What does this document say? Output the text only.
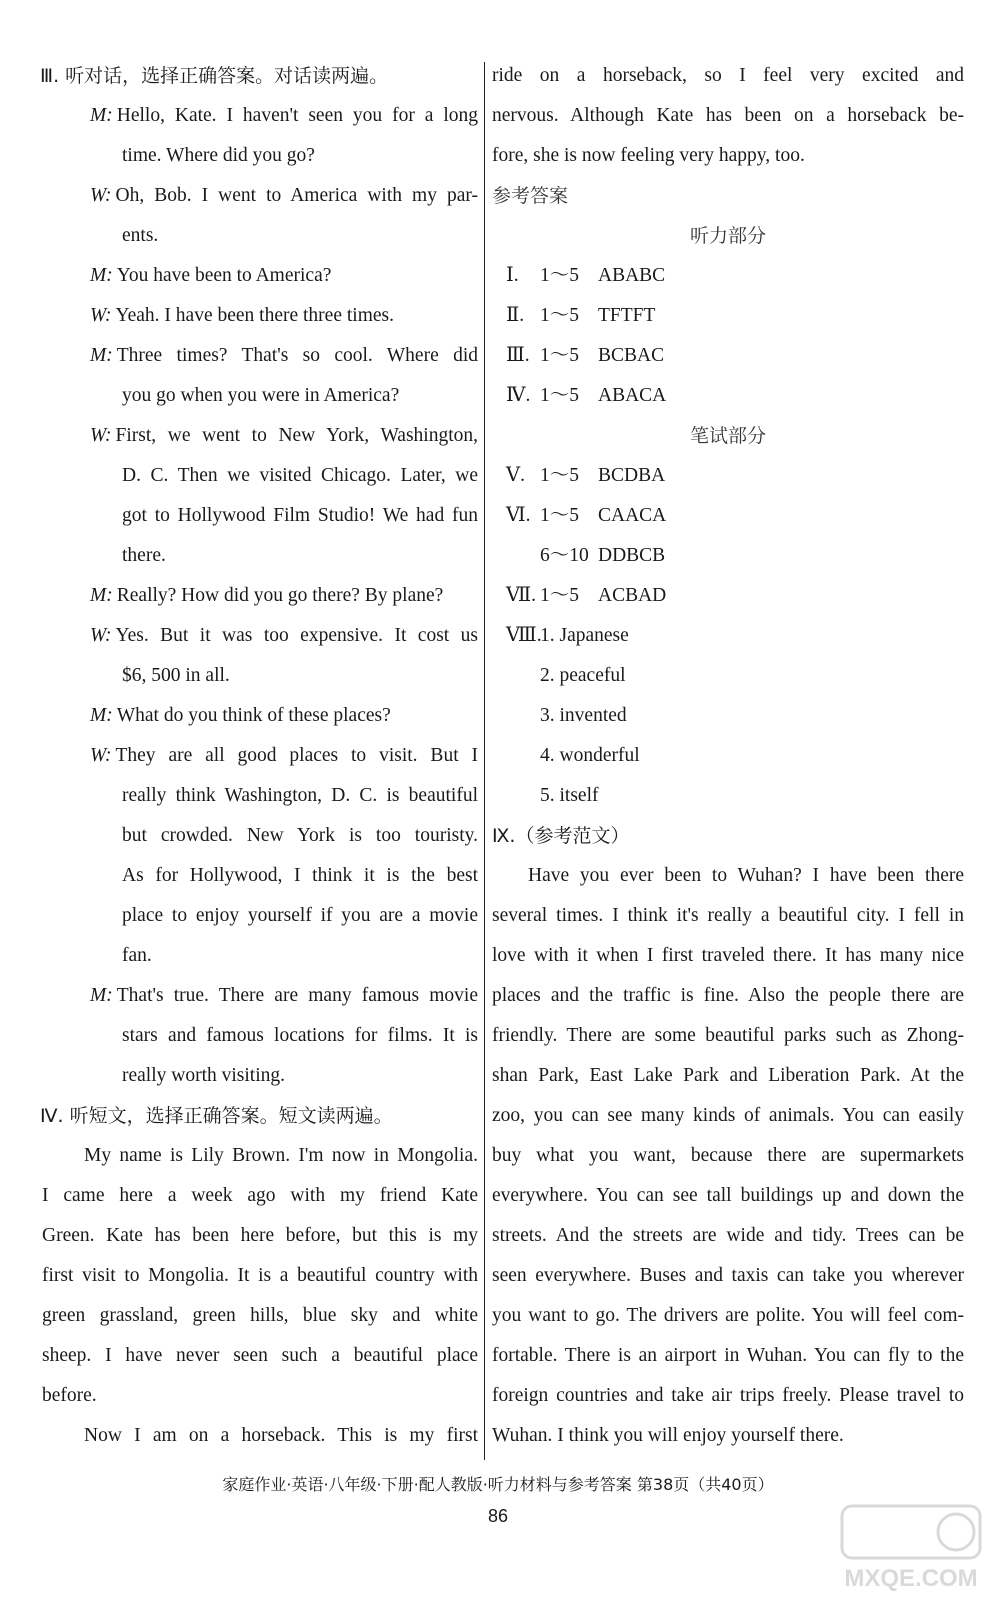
Ⅲ. 听对话，选择正确答案。对话读两遍。
M: Hello, Kate. I haven't seen you for a long
time. Where did you go?
W: Oh, Bob. I went to America with my par-
ents.
M: You have been to America?
W: Yeah. I have been there three times.
M: Three times? That's so cool. Where did
you go when you were in America?
W: First, we went to New York, Washington,
D. C. Then we visited Chicago. Later, we
got to Hollywood Film Studio! We had fun
there.
M: Really? How did you go there? By plane?
W: Yes. But it was too expensive. It cost us
$6, 500 in all.
M: What do you think of these places?
W: They are all good places to visit. But I
really think Washington, D. C. is beautiful
but crowded. New York is too touristy.
As for Hollywood, I think it is the best
place to enjoy yourself if you are a movie
fan.
M: That's true. There are many famous movie
stars and famous locations for films. It is
really worth visiting.
Ⅳ. 听短文，选择正确答案。短文读两遍。
My name is Lily Brown. I'm now in Mongolia.
I came here a week ago with my friend Kate
Green. Kate has been here before, but this is my
first visit to Mongolia. It is a beautiful country with
green grassland, green hills, blue sky and white
sheep. I have never seen such a beautiful place
before.
Now I am on a horseback. This is my first
ride on a horseback, so I feel very excited and
nervous. Although Kate has been on a horseback be-
fore, she is now feeling very happy, too.
参考答案
听力部分
Ⅰ. 1～5 ABABC
Ⅱ. 1～5 TFTFT
Ⅲ. 1～5 BCBAC
Ⅳ. 1～5 ABACA
笔试部分
Ⅴ. 1～5 BCDBA
Ⅵ. 1～5 CAACA
6～10 DDBCB
Ⅶ. 1～5 ACBAD
Ⅷ.1. Japanese
2. peaceful
3. invented
4. wonderful
5. itself
Ⅸ.（参考范文）
Have you ever been to Wuhan? I have been there
several times. I think it's really a beautiful city. I fell in
love with it when I first traveled there. It has many nice
places and the traffic is fine. Also the people there are
friendly. There are some beautiful parks such as Zhong-
shan Park, East Lake Park and Liberation Park. At the
zoo, you can see many kinds of animals. You can easily
buy what you want, because there are supermarkets
everywhere. You can see tall buildings up and down the
streets. And the streets are wide and tidy. Trees can be
seen everywhere. Buses and taxis can take you wherever
you want to go. The drivers are polite. You will feel com-
fortable. There is an airport in Wuhan. You can fly to the
foreign countries and take air trips freely. Please travel to
Wuhan. I think you will enjoy yourself there.
家庭作业·英语·八年级·下册·配人教版·听力材料与参考答案 第38页（共40页）
86
MXQE.COM
